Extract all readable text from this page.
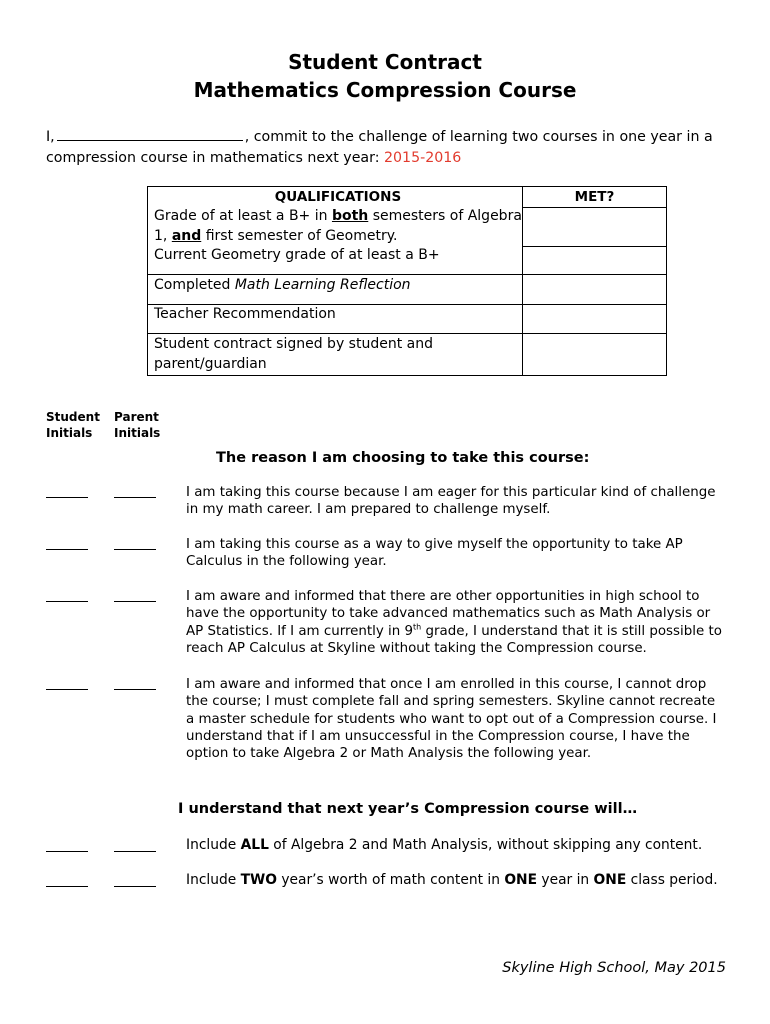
Student Contract
Mathematics Compression Course
I,	, commit to the challenge of learning two courses in one year in a compression course in mathematics next year: 2015-2016
QUALIFICATIONS	MET?
Grade of at least a B+ in both semesters of Algebra 1, and first semester of Geometry.
Current Geometry grade of at least a B+
Completed Math Learning Reflection
Teacher Recommendation
Student contract signed by student and parent/guardian
Student Initials
Parent Initials
The reason I am choosing to take this course:
I am taking this course because I am eager for this particular kind of challenge in my math career. I am prepared to challenge myself.
I am taking this course as a way to give myself the opportunity to take AP Calculus in the following year.
I am aware and informed that there are other opportunities in high school to have the opportunity to take advanced mathematics such as Math Analysis or AP Statistics. If I am currently in 9th grade, I understand that it is still possible to reach AP Calculus at Skyline without taking the Compression course.
I am aware and informed that once I am enrolled in this course, I cannot drop the course; I must complete fall and spring semesters. Skyline cannot recreate a master schedule for students who want to opt out of a Compression course. I understand that if I am unsuccessful in the Compression course, I have the option to take Algebra 2 or Math Analysis the following year.
I understand that next year’s Compression course will…
Include ALL of Algebra 2 and Math Analysis, without skipping any content.
Include TWO year’s worth of math content in ONE year in ONE class period.
Skyline High School, May 2015
